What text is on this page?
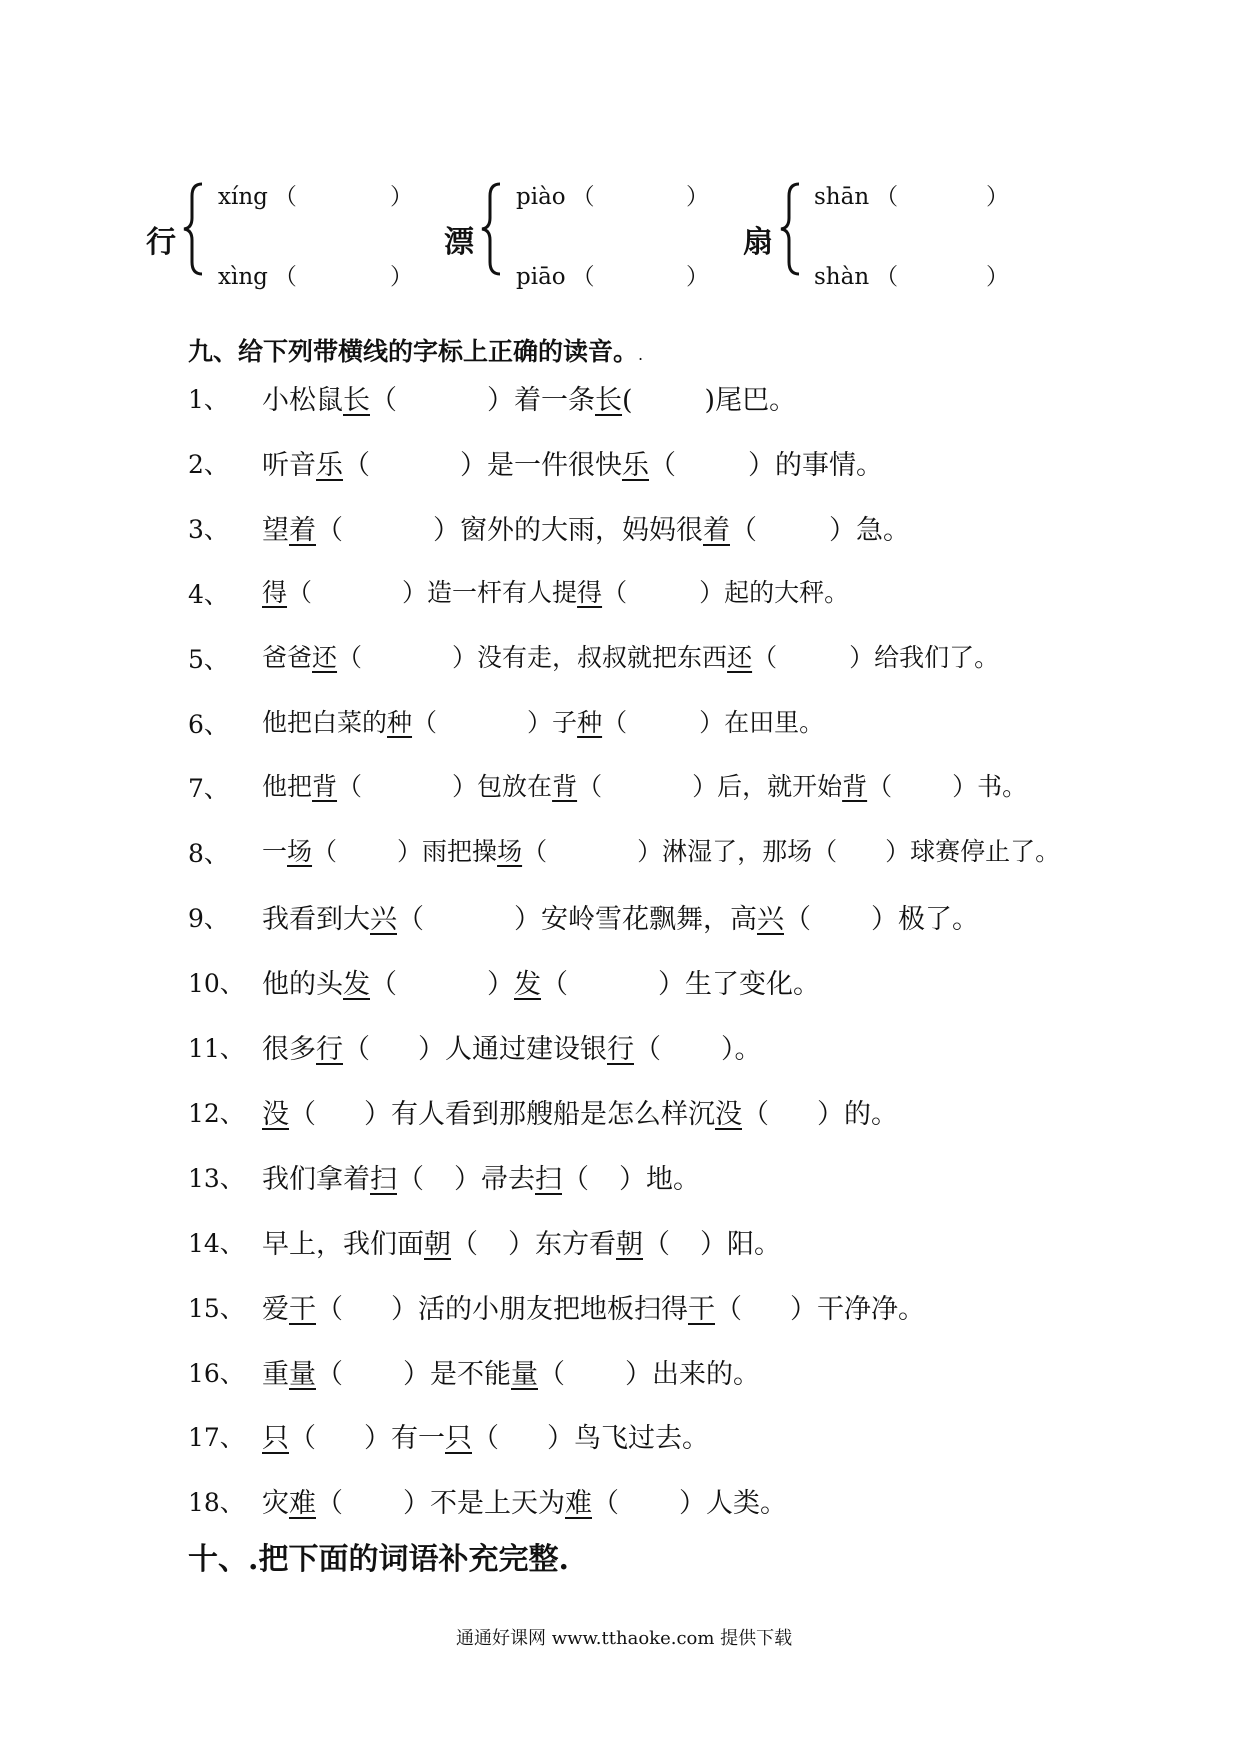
行
xíng （	）
xìng （	）
漂
piào （	）
piāo （	）
扇
shān （	）
shàn （	）
九、给下列带横线的字标上正确的读音。.
1、 小松鼠长（	）着一条长(	)尾巴。
2、 听音乐（	）是一件很快乐（	）的事情。
3、 望着（	）窗外的大雨，妈妈很着（	）急。
4、 得（	）造一杆有人提得（	）起的大秤。
5、 爸爸还（	）没有走，叔叔就把东西还（	）给我们了。
6、 他把白菜的种（	）子种（	）在田里。
7、 他把背（	）包放在背（	）后，就开始背（ ）书。
8、 一场（ ）雨把操场（	）淋湿了，那场（ ）球赛停止了。
9、 我看到大兴（	）安岭雪花飘舞，高兴（ ）极了。
10、 他的头发（	）发（	）生了变化。
11、 很多行（ ）人通过建设银行（ ）。
12、 没（ ）有人看到那艘船是怎么样沉没（ ）的。
13、 我们拿着扫（ ）帚去扫（ ）地。
14、 早上，我们面朝（ ）东方看朝（ ）阳。
15、 爱干（ ）活的小朋友把地板扫得干（ ）干净净。
16、 重量（ ）是不能量（ ）出来的。
17、 只（ ）有一只（ ）鸟飞过去。
18、 灾难（ ）不是上天为难（ ）人类。
十、.把下面的词语补充完整.
通通好课网 www.tthaoke.com 提供下载
